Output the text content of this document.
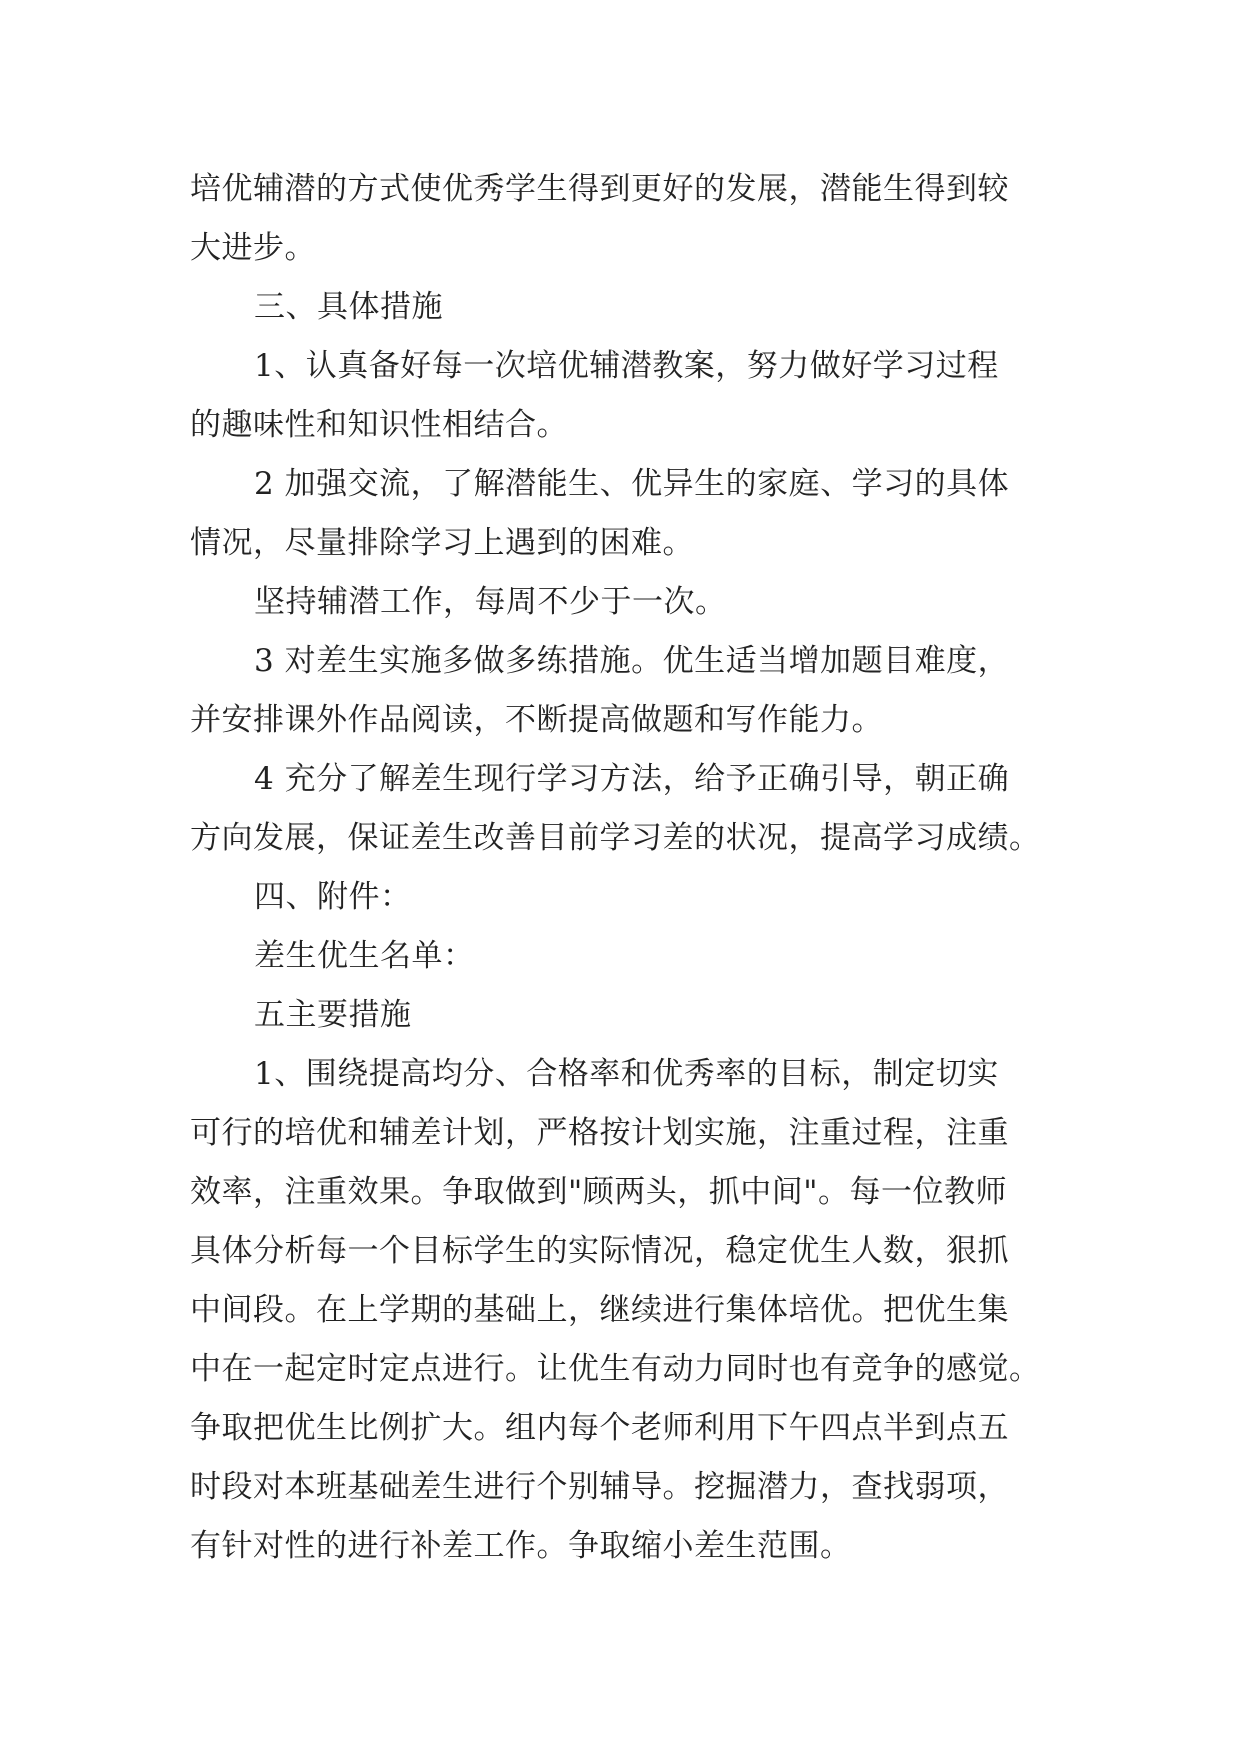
培优辅潜的方式使优秀学生得到更好的发展，潜能生得到较
大进步。
三、具体措施
1、认真备好每一次培优辅潜教案，努力做好学习过程
的趣味性和知识性相结合。
2 加强交流，了解潜能生、优异生的家庭、学习的具体
情况，尽量排除学习上遇到的困难。
坚持辅潜工作，每周不少于一次。
3 对差生实施多做多练措施。优生适当增加题目难度，
并安排课外作品阅读，不断提高做题和写作能力。
4 充分了解差生现行学习方法，给予正确引导，朝正确
方向发展，保证差生改善目前学习差的状况，提高学习成绩。
四、附件：
差生优生名单：
五主要措施
1、围绕提高均分、合格率和优秀率的目标，制定切实
可行的培优和辅差计划，严格按计划实施，注重过程，注重
效率，注重效果。争取做到"顾两头，抓中间"。每一位教师
具体分析每一个目标学生的实际情况，稳定优生人数，狠抓
中间段。在上学期的基础上，继续进行集体培优。把优生集
中在一起定时定点进行。让优生有动力同时也有竞争的感觉。
争取把优生比例扩大。组内每个老师利用下午四点半到点五
时段对本班基础差生进行个别辅导。挖掘潜力，查找弱项，
有针对性的进行补差工作。争取缩小差生范围。
